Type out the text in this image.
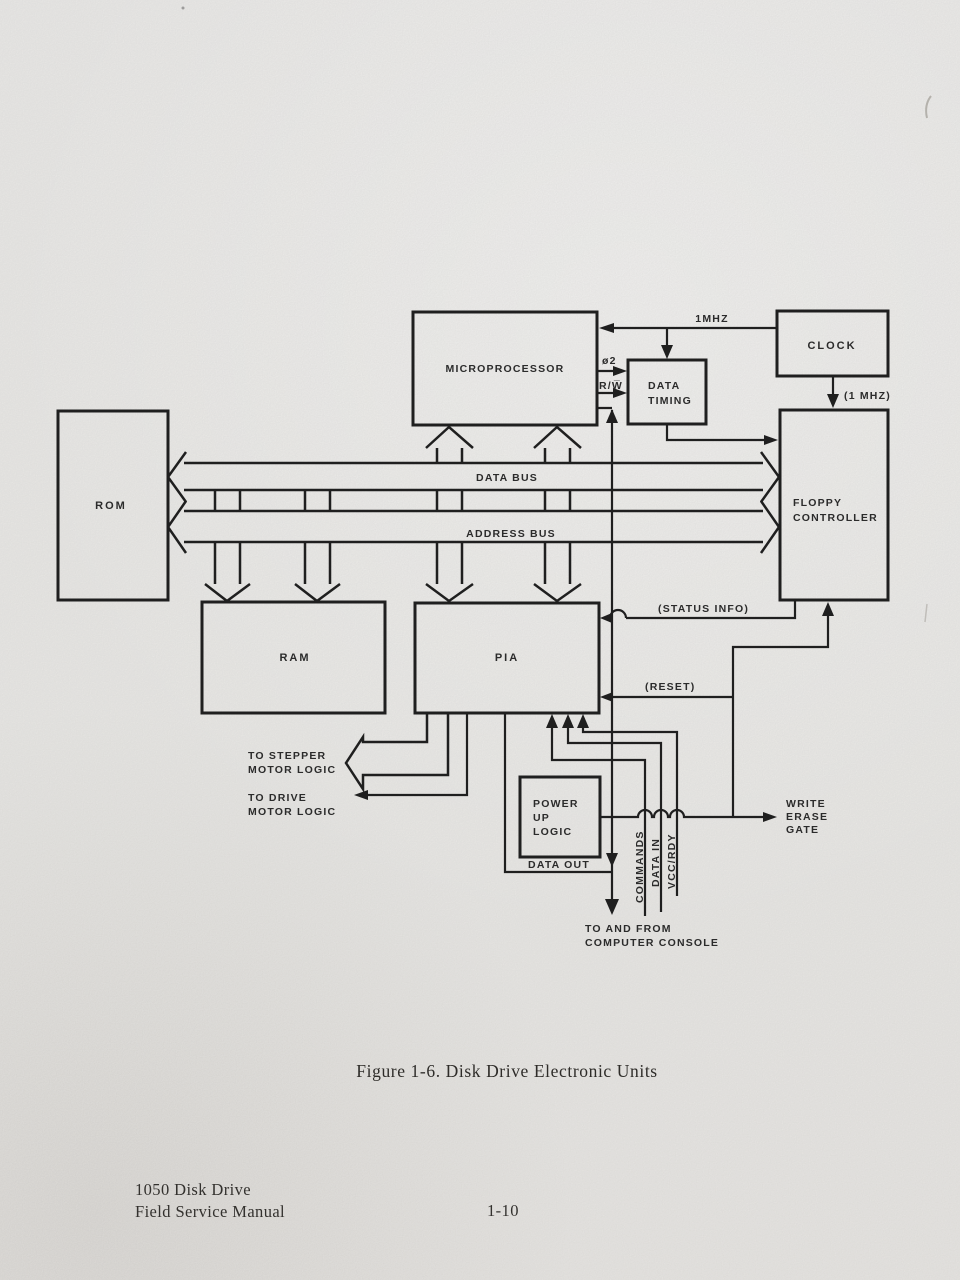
MICROPROCESSOR
CLOCK
DATA
TIMING
ROM	FLOPPY
CONTROLLER
RAM	PIA
POWER
UP
LOGIC
DATA BUS
ADDRESS BUS
1MHZ
ø2
R/W̅
(1 MHZ)
(STATUS INFO)
(RESET)
WRITE
ERASE
GATE
TO STEPPER
MOTOR LOGIC
TO DRIVE
MOTOR LOGIC
DATA OUT	COMMANDS DATA IN VCC/RDY
TO AND FROM
COMPUTER CONSOLE
Figure 1-6. Disk Drive Electronic Units
1050 Disk Drive
Field Service Manual	1-10
